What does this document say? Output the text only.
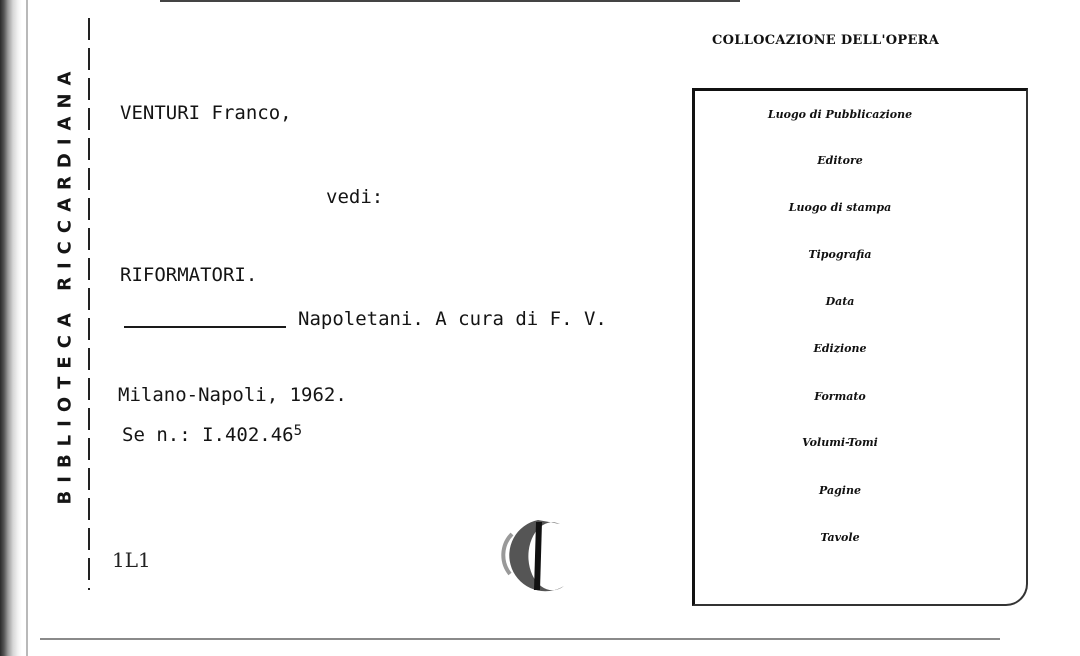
BIBLIOTECA RICCARDIANA VENTURI Franco,
vedi:
RIFORMATORI.
Napoletani. A cura di F. V.
Milano-Napoli, 1962.
Se n.: I.402.46$^5$
1L1
COLLOCAZIONE DELL'OPERA
Luogo di Pubblicazione
Editore
Luogo di stampa
Tipografia
Data
Edizione
Formato
Volumi-Tomi
Pagine
Tavole
